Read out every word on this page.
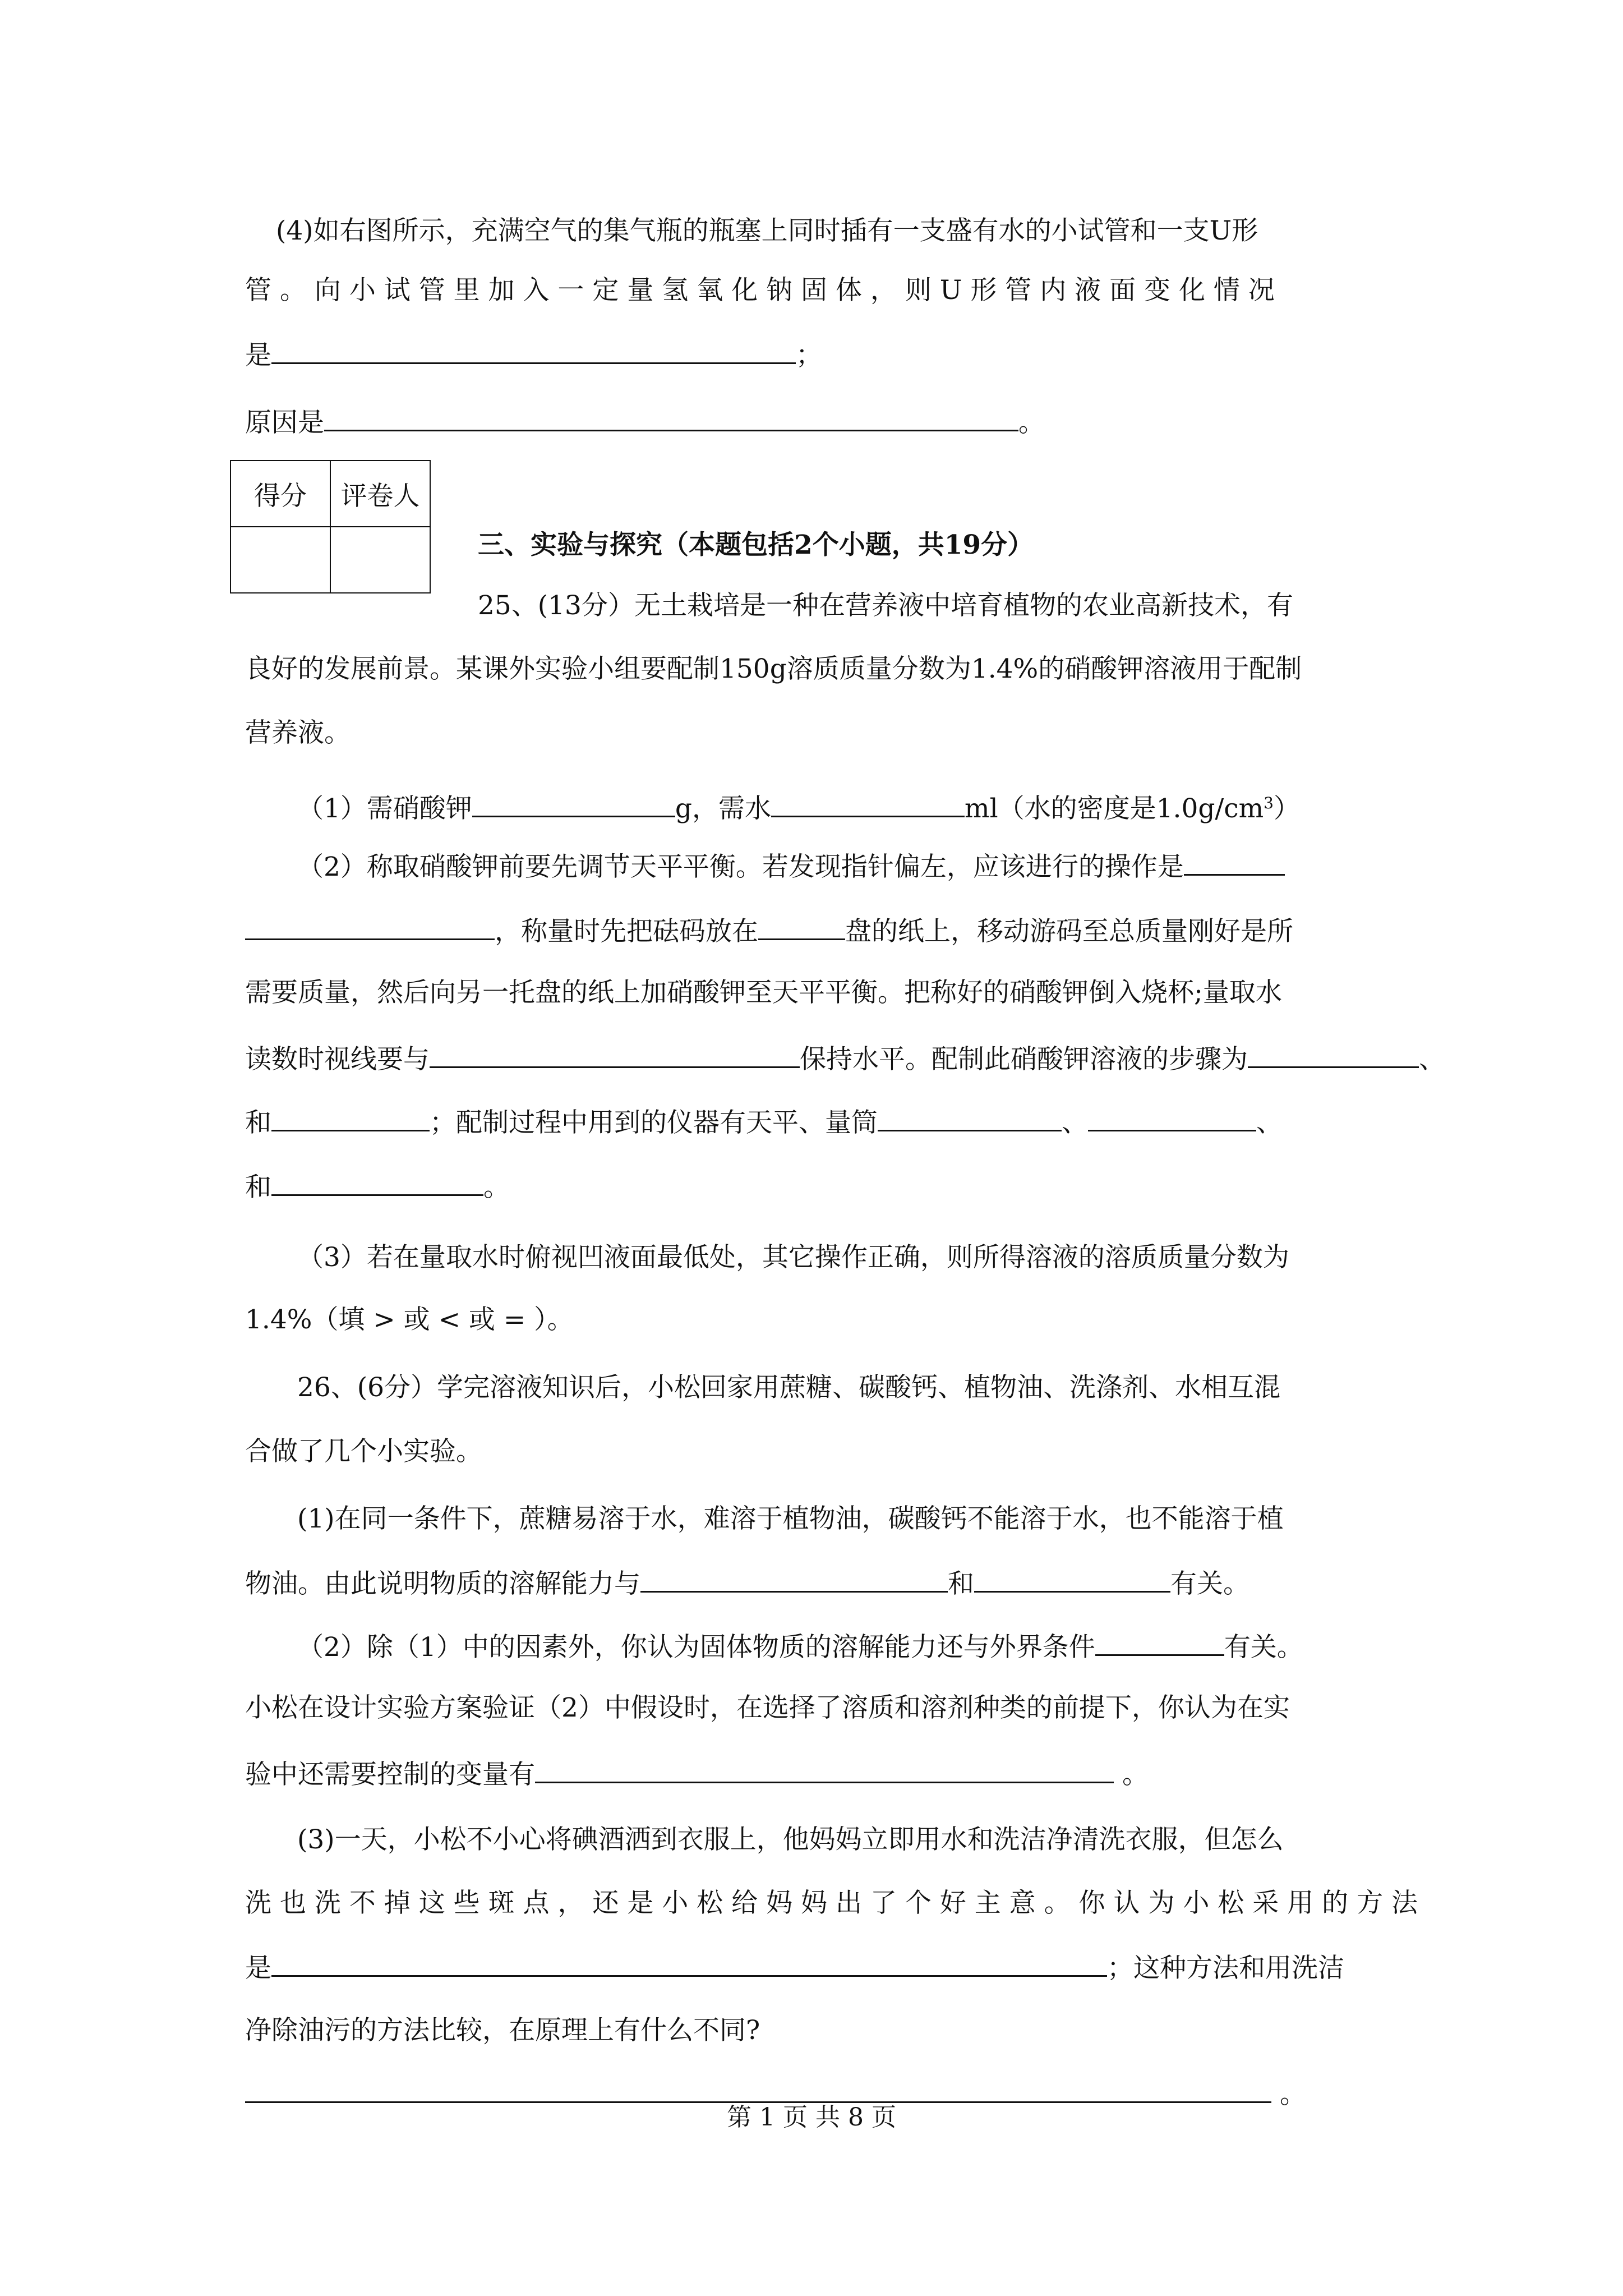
(4)如右图所示，充满空气的集气瓶的瓶塞上同时插有一支盛有水的小试管和一支U形
管 。 向 小 试 管 里 加 入 一 定 量 氢 氧 化 钠 固 体 ， 则 U 形 管 内 液 面 变 化 情 况
是	；
原因是	。
得分	评卷人

三、实验与探究（本题包括2个小题，共19分）
25、(13分）无土栽培是一种在营养液中培育植物的农业高新技术，有
良好的发展前景。某课外实验小组要配制150g溶质质量分数为1.4%的硝酸钾溶液用于配制
营养液。
（1）需硝酸钾	g，需水	ml（水的密度是$1.0g/cm^3$）
（2）称取硝酸钾前要先调节天平平衡。若发现指针偏左，应该进行的操作是
，称量时先把砝码放在	盘的纸上，移动游码至总质量刚好是所
需要质量，然后向另一托盘的纸上加硝酸钾至天平平衡。把称好的硝酸钾倒入烧杯;量取水
读数时视线要与	保持水平。配制此硝酸钾溶液的步骤为	、
和	；配制过程中用到的仪器有天平、量筒	、	、
和	。
（3）若在量取水时俯视凹液面最低处，其它操作正确，则所得溶液的溶质质量分数为
1.4%（填 > 或 < 或 = ）。
26、(6分）学完溶液知识后，小松回家用蔗糖、碳酸钙、植物油、洗涤剂、水相互混
合做了几个小实验。
(1)在同一条件下，蔗糖易溶于水，难溶于植物油，碳酸钙不能溶于水，也不能溶于植
物油。由此说明物质的溶解能力与	和	有关。
（2）除（1）中的因素外，你认为固体物质的溶解能力还与外界条件	有关。
小松在设计实验方案验证（2）中假设时，在选择了溶质和溶剂种类的前提下，你认为在实
验中还需要控制的变量有	。
(3)一天，小松不小心将碘酒洒到衣服上，他妈妈立即用水和洗洁净清洗衣服，但怎么
洗 也 洗 不 掉 这 些 斑 点 ， 还 是 小 松 给 妈 妈 出 了 个 好 主 意 。 你 认 为 小 松 采 用 的 方 法
是	；这种方法和用洗洁
净除油污的方法比较，在原理上有什么不同?
。
第 1 页 共 8 页
